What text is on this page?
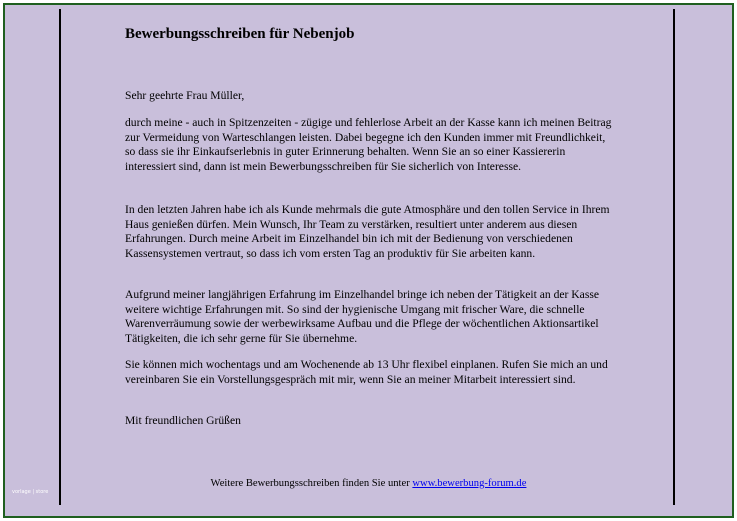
Bewerbungsschreiben für Nebenjob
Sehr geehrte Frau Müller,

durch meine - auch in Spitzenzeiten - zügige und fehlerlose Arbeit an der Kasse kann ich meinen Beitrag zur Vermeidung von Warteschlangen leisten. Dabei begegne ich den Kunden immer mit Freundlichkeit, so dass sie ihr Einkaufserlebnis in guter Erinnerung behalten. Wenn Sie an so einer Kassiererin interessiert sind, dann ist mein Bewerbungsschreiben für Sie sicherlich von Interesse.

In den letzten Jahren habe ich als Kunde mehrmals die gute Atmosphäre und den tollen Service in Ihrem Haus genießen dürfen. Mein Wunsch, Ihr Team zu verstärken, resultiert unter anderem aus diesen Erfahrungen. Durch meine Arbeit im Einzelhandel bin ich mit der Bedienung von verschiedenen Kassensystemen vertraut, so dass ich vom ersten Tag an produktiv für Sie arbeiten kann.

Aufgrund meiner langjährigen Erfahrung im Einzelhandel bringe ich neben der Tätigkeit an der Kasse weitere wichtige Erfahrungen mit. So sind der hygienische Umgang mit frischer Ware, die schnelle Warenverräumung sowie der werbewirksame Aufbau und die Pflege der wöchentlichen Aktionsartikel Tätigkeiten, die ich sehr gerne für Sie übernehme.

Sie können mich wochentags und am Wochenende ab 13 Uhr flexibel einplanen. Rufen Sie mich an und vereinbaren Sie ein Vorstellungsgespräch mit mir, wenn Sie an meiner Mitarbeit interessiert sind.

Mit freundlichen Grüßen
Weitere Bewerbungsschreiben finden Sie unter www.bewerbung-forum.de
vorlage | store
